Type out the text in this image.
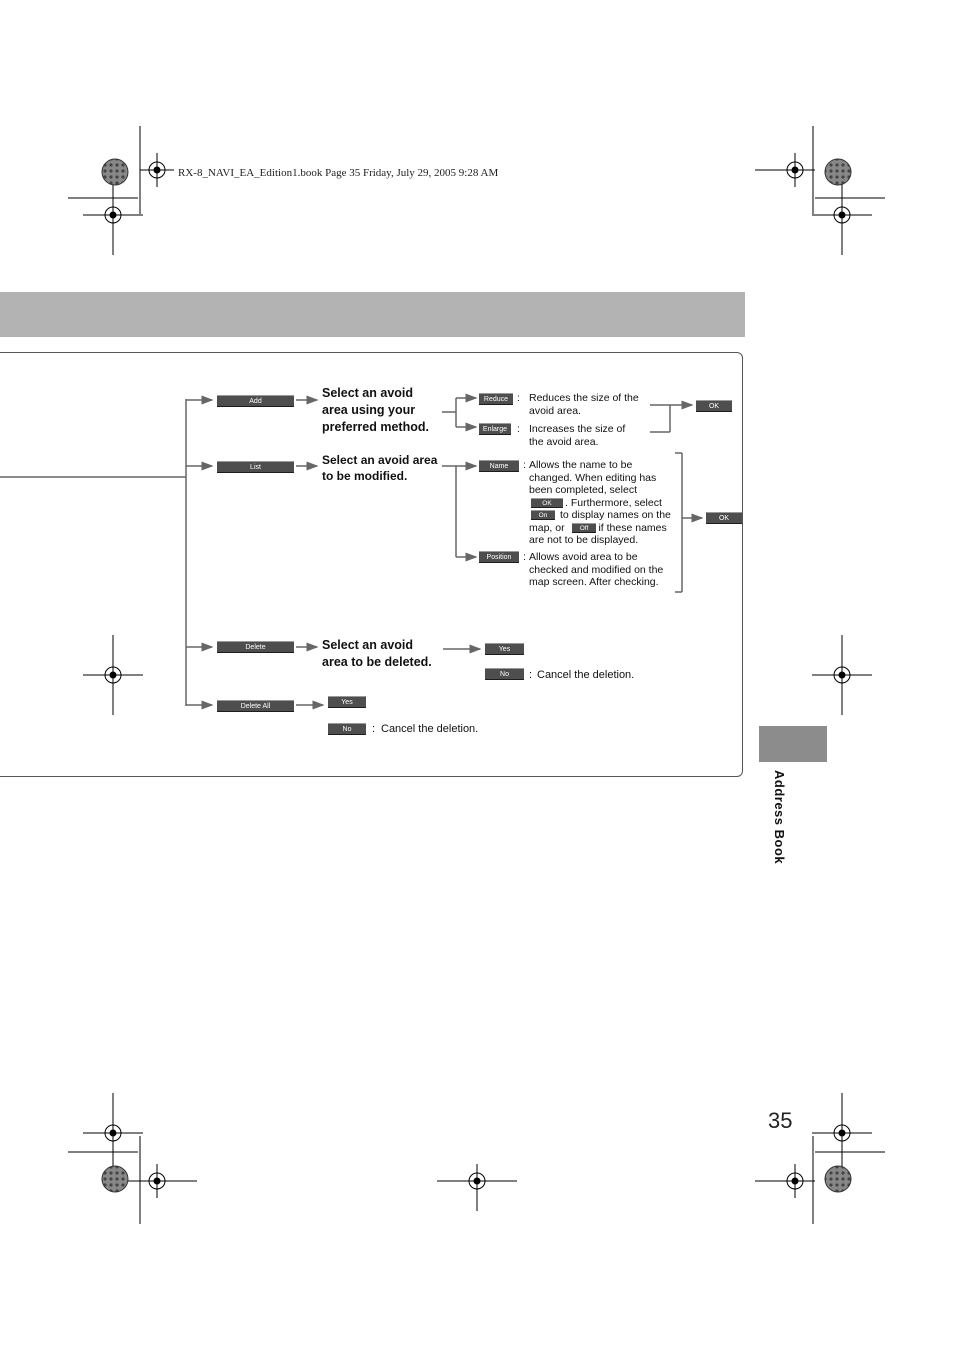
RX-8_NAVI_EA_Edition1.book Page 35 Friday, July 29, 2005 9:28 AM
Add
List
Delete
Delete All
Select an avoid
area using your
preferred method.
Select an avoid area
to be modified.
Select an avoid
area to be deleted.
Reduce : Reduces the size of the
avoid area.
Enlarge : Increases the size of
the avoid area.
OK
Name	: Allows the name to be
changed. When editing has
been completed, select
OK	. Furthermore, select
On	to display names on the
map, or	Off if these names
are not to be displayed.
Position	: Allows avoid area to be
checked and modified on the
map screen. After checking.
OK
Yes
No	: Cancel the deletion.
Yes
No	: Cancel the deletion.
Address Book
35
